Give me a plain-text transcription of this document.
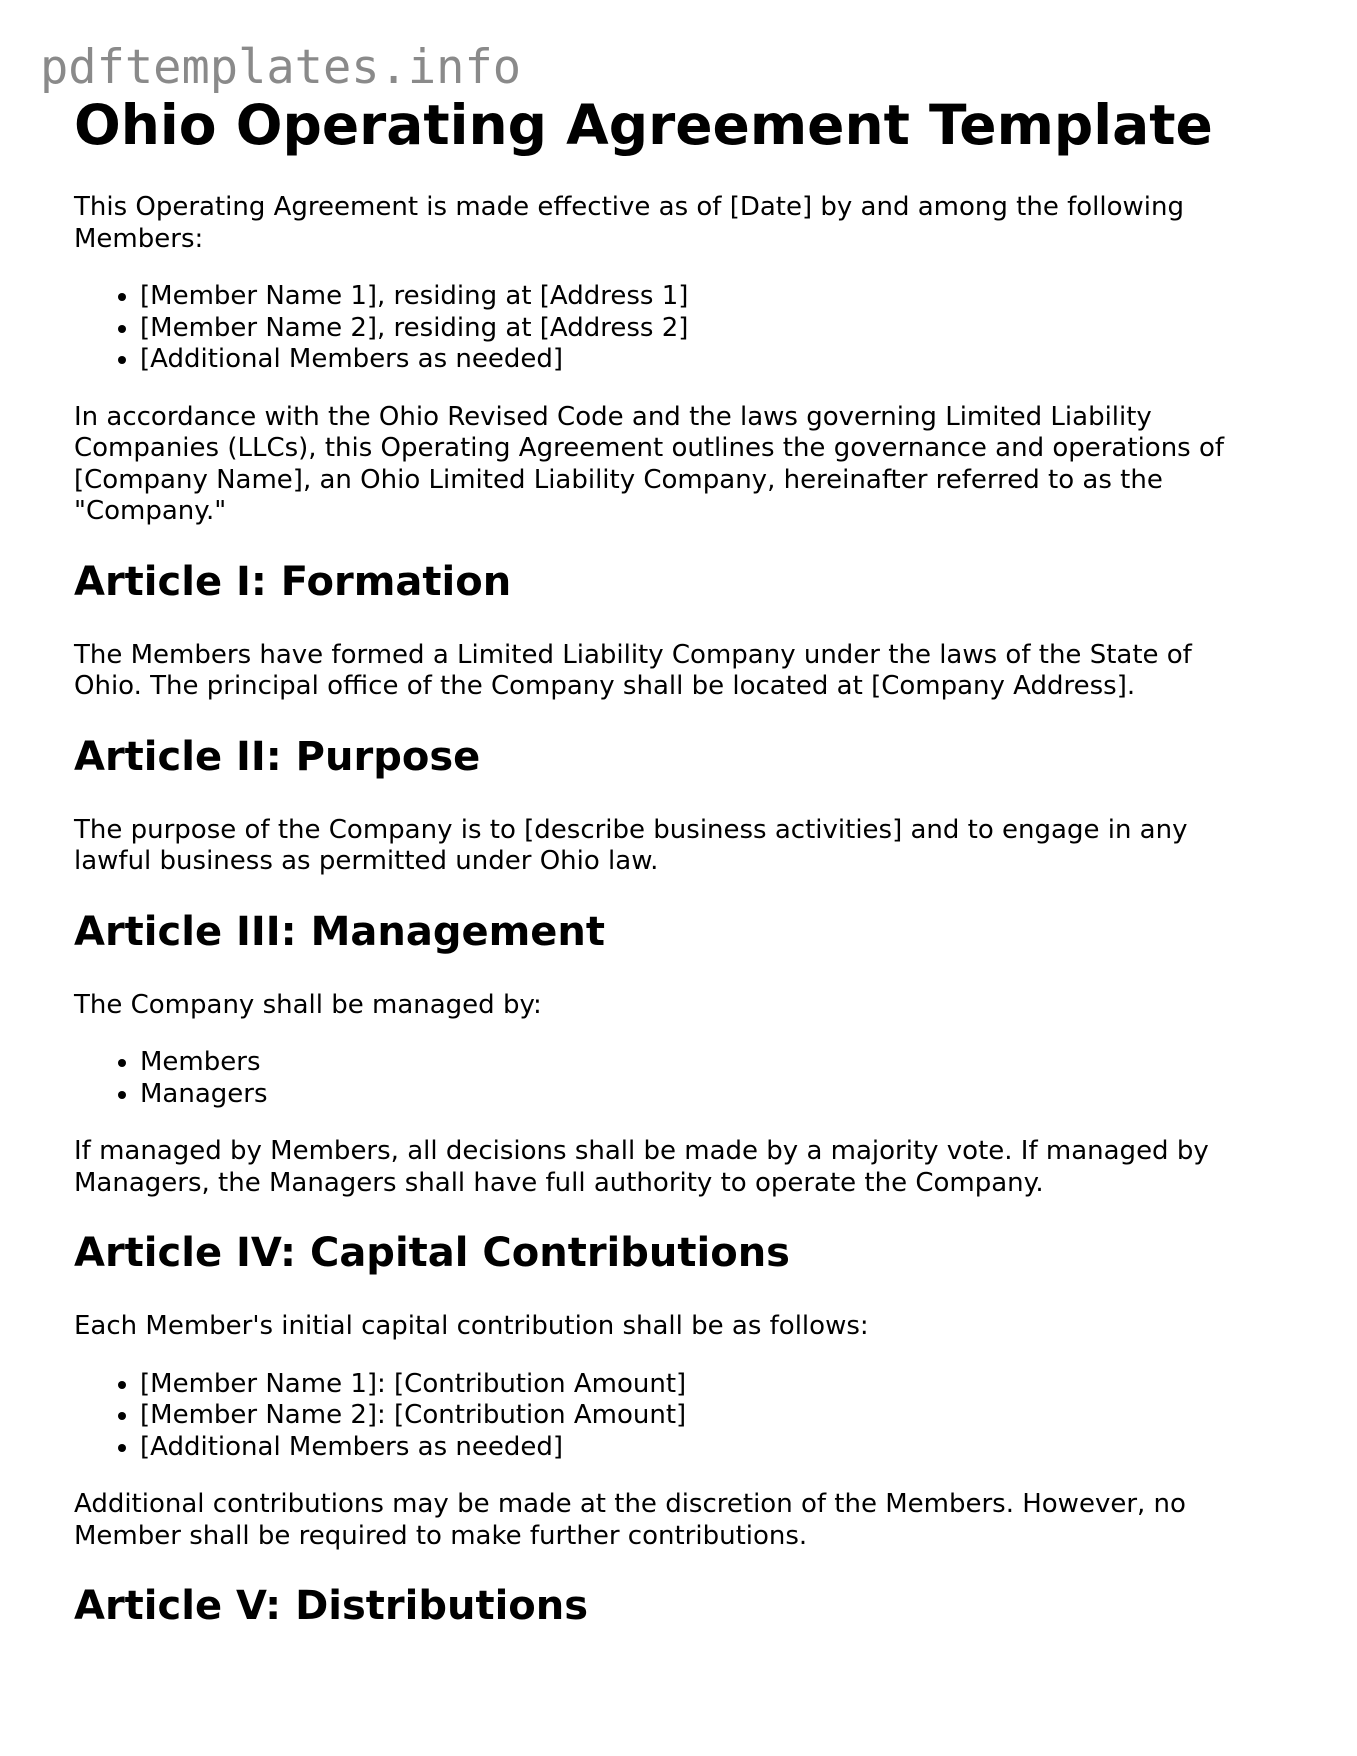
pdftemplates.info
Ohio Operating Agreement Template

This Operating Agreement is made effective as of [Date] by and among the following Members:

• [Member Name 1], residing at [Address 1]
• [Member Name 2], residing at [Address 2]
• [Additional Members as needed]

In accordance with the Ohio Revised Code and the laws governing Limited Liability Companies (LLCs), this Operating Agreement outlines the governance and operations of [Company Name], an Ohio Limited Liability Company, hereinafter referred to as the "Company."

Article I: Formation

The Members have formed a Limited Liability Company under the laws of the State of Ohio. The principal office of the Company shall be located at [Company Address].

Article II: Purpose

The purpose of the Company is to [describe business activities] and to engage in any lawful business as permitted under Ohio law.

Article III: Management

The Company shall be managed by:

• Members
• Managers

If managed by Members, all decisions shall be made by a majority vote. If managed by Managers, the Managers shall have full authority to operate the Company.

Article IV: Capital Contributions

Each Member's initial capital contribution shall be as follows:

• [Member Name 1]: [Contribution Amount]
• [Member Name 2]: [Contribution Amount]
• [Additional Members as needed]

Additional contributions may be made at the discretion of the Members. However, no Member shall be required to make further contributions.

Article V: Distributions
